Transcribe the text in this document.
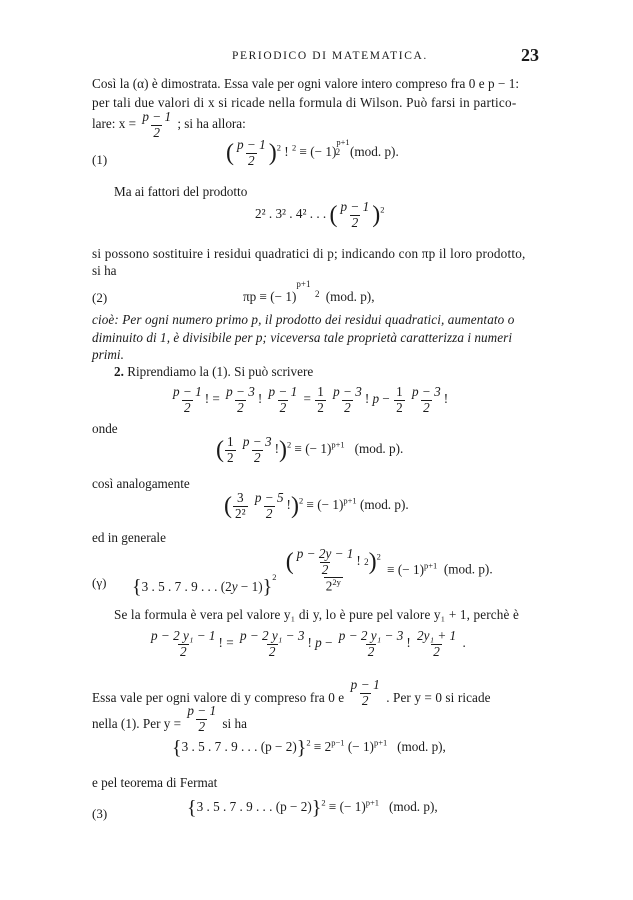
PERIODICO DI MATEMATICA.	23
Così la (α) è dimostrata. Essa vale per ogni valore intero compreso fra 0 e p − 1:
per tali due valori di x si ricade nella formula di Wilson. Può farsi in partico-
lare: $x = \frac{p - 1}{2}$ ; si ha allora:
(1)	( $\frac{p - 1}{2} )^2$ ! $^2$ ≡ (− 1)$^{p+1}$2 (mod. p).
Ma ai fattori del prodotto
2² . 3² . 4² . . . ( $\frac{p - 1}{2} )^2$
si possono sostituire i residui quadratici di p; indicando con πp il loro prodotto,
si ha
(2)	πp ≡ (− 1)p+1 (mod. p),
2
cioè: Per ogni numero primo p, il prodotto dei residui quadratici, aumentato o
diminuito di 1, è divisibile per p; viceversa tale proprietà caratterizza i numeri
primi.
2. Riprendiamo la (1). Si può scrivere
$\frac{p - 1}{2}$ ! = $\frac{p - 3}{2}$ ! $\frac{p - 1}{2} = \frac{1}{2}$
$\frac{p - 3}{2}$ ! $p - \frac{1}{2}$
$\frac{p - 3}{2}$ !
onde
( $\frac{1}{2}$
$\frac{p - 3}{2} !)^2$ ≡ (− 1)$^{p+1}$ (mod. p).
così analogamente
( $\frac{3}{\text{2²}}$
$\frac{p - 5}{2} !)^2$ ≡ (− 1)$^{p+1}$ (mod. p).
ed in generale
(γ) {3 . 5 . 7 . 9 . . . $(2y - 1)\}2 \frac{( \frac{p - 2y - 1}{2} ! 2)^2}{2^{2y}}$ ≡ (− 1)$^{p+1}$ (mod. p).
Se la formula è vera pel valore y₁ di y, lo è pure pel valore y₁ + 1, perchè è
$\frac{\text{p − 2 y₁ − 1}}{2}$ ! = $\frac{\text{p − 2 y₁ − 3}}{2}$ ! $p - \frac{\text{p − 2 y₁ − 3}}{2}$ ! $\frac{\text{2y₁ + 1}}{2}$ .
Essa vale per ogni valore di y compreso fra 0 e $\frac{p - 1}{2}$ . Per y = 0 si ricade
nella (1). Per $y = \frac{p - 1}{2}$ si ha
{3 . 5 . 7 . 9 . . . $(p - 2)\}^2 \equiv 2^{p-1}$ (− 1)$^{p+1}$ (mod. p),
e pel teorema di Fermat
(3)	{3 . 5 . 7 . 9 . . . (p − 2)}$^2$ ≡ (− 1)$^{p+1}$ (mod. p),
